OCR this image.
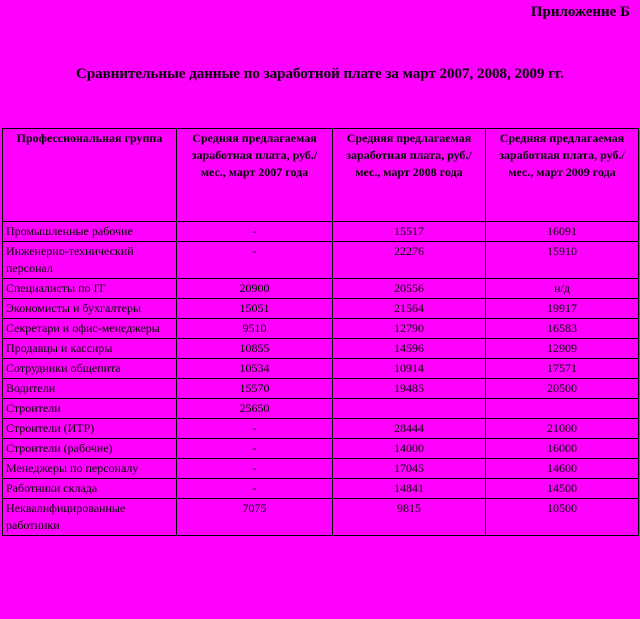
Приложение Б
Сравнительные данные по заработной плате за март 2007, 2008, 2009 гг.
Профессиональная группа	Средняя предлагаемая заработная плата, руб./мес., март 2007 года	Средняя предлагаемая заработная плата, руб./мес., март 2008 года	Средняя предлагаемая заработная плата, руб./мес., март 2009 года
Промышленные рабочие	-	15517	16091
Инженерно-технический персонал	-	22276	15910
Специалисты по IT	20900	20556	н/д
Экономисты и бухгалтеры	15051	21564	19917
Секретари и офис-менеджеры	9510	12790	16583
Продавцы и кассиры	10855	14596	12909
Сотрудники общепита	10534	10914	17571
Водители	15570	19485	20500
Строители	25650		
Строители (ИТР)	-	28444	21000
Строители (рабочие)	-	14000	16000
Менеджеры по персоналу	-	17045	14600
Работники склада	-	14841	14500
Неквалифицированные работники	7075	9815	10500
